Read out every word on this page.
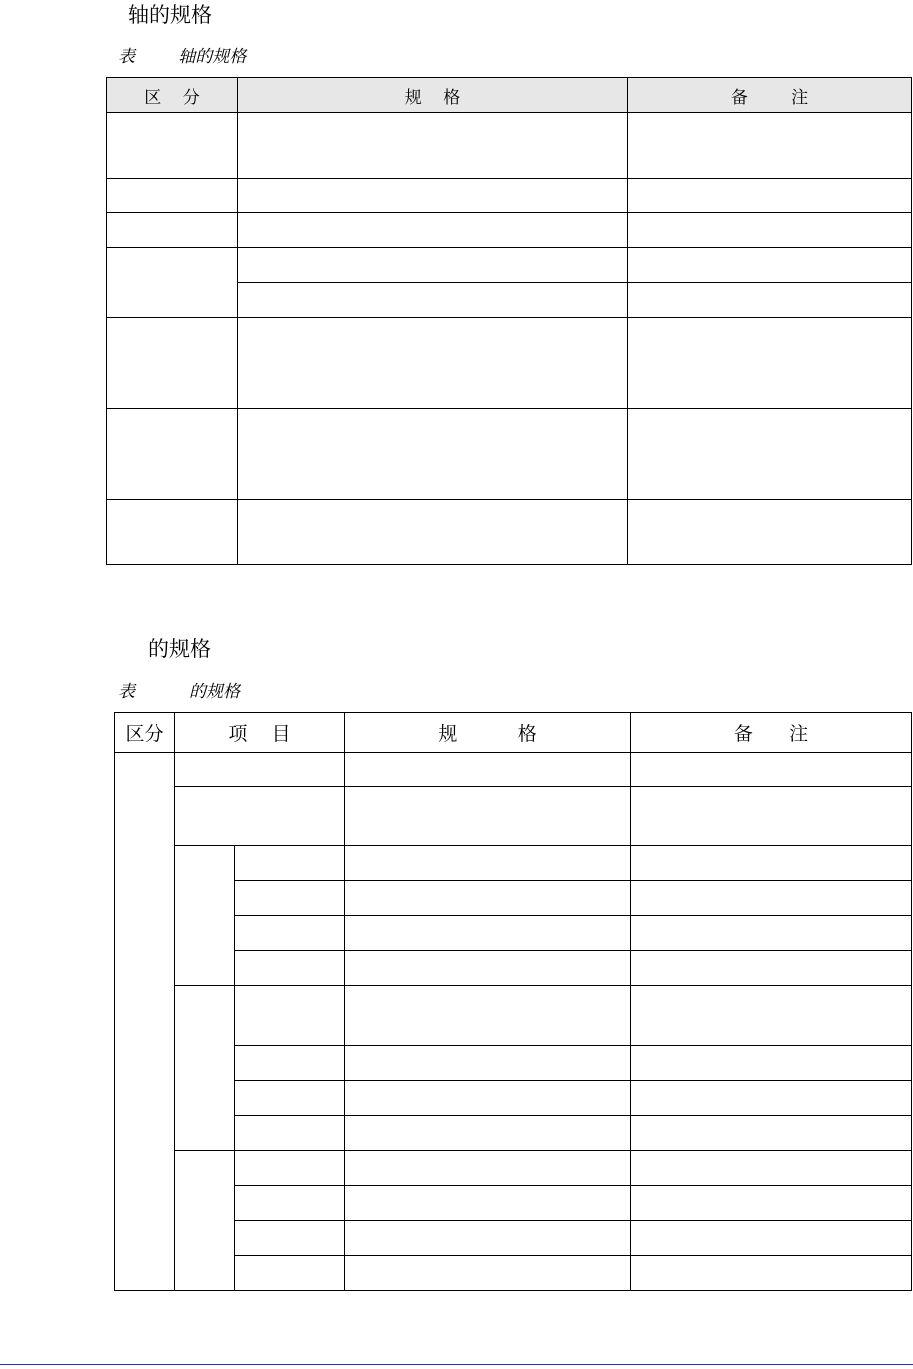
轴的规格
表        轴的规格
区    分	规    格	备        注

的规格
表          的规格
区分	项    目		规          格	备      注
